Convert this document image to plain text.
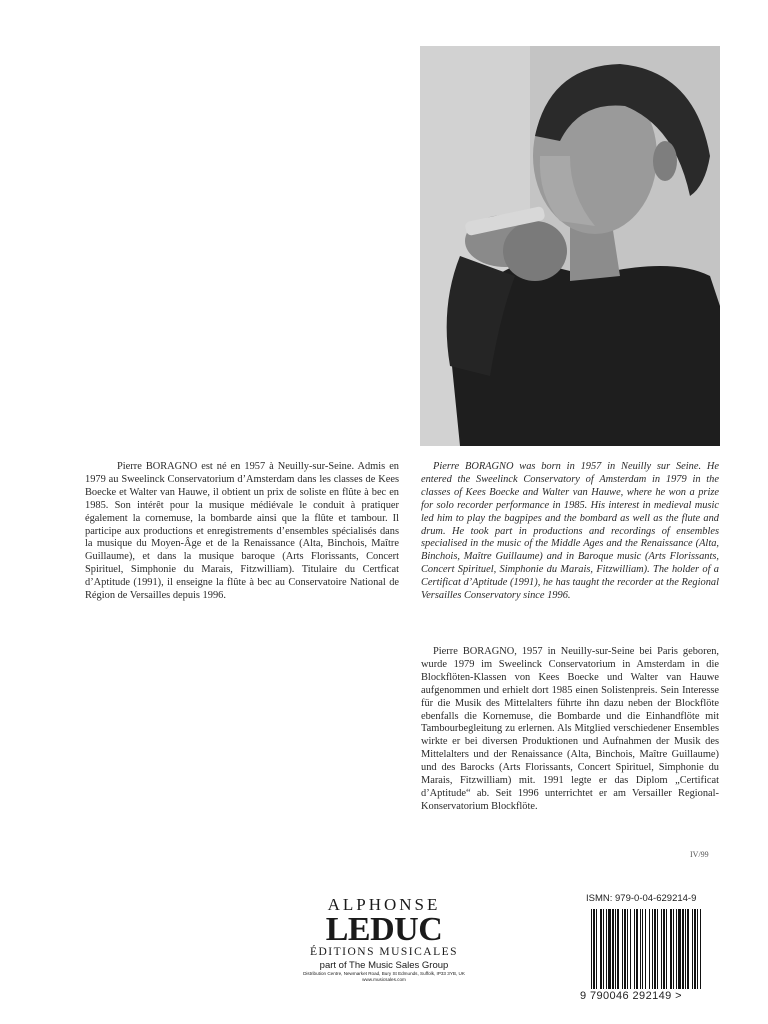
Pierre BORAGNO est né en 1957 à Neuilly-sur-Seine. Admis en 1979 au Sweelinck Conservatorium d’Amsterdam dans les classes de Kees Boecke et Walter van Hauwe, il obtient un prix de soliste en flûte à bec en 1985. Son intérêt pour la musique médiévale le conduit à pratiquer également la cornemuse, la bombarde ainsi que la flûte et tambour. Il participe aux productions et enregistrements d’ensembles spécialisés dans la musique du Moyen-Âge et de la Renaissance (Alta, Binchois, Maître Guillaume), et dans la musique baroque (Arts Florissants, Concert Spirituel, Simphonie du Marais, Fitzwilliam). Titulaire du Certficat d’Aptitude (1991), il enseigne la flûte à bec au Conservatoire National de Région de Versailles depuis 1996.
Pierre BORAGNO was born in 1957 in Neuilly sur Seine. He entered the Sweelinck Conservatory of Amsterdam in 1979 in the classes of Kees Boecke and Walter van Hauwe, where he won a prize for solo recorder performance in 1985. His interest in medieval music led him to play the bagpipes and the bombard as well as the flute and drum. He took part in productions and recordings of ensembles specialised in the music of the Middle Ages and the Renaissance (Alta, Binchois, Maître Guillaume) and in Baroque music (Arts Florissants, Concert Spirituel, Simphonie du Marais, Fitzwilliam). The holder of a Certificat d’Aptitude (1991), he has taught the recorder at the Regional Versailles Conservatory since 1996.
Pierre BORAGNO, 1957 in Neuilly-sur-Seine bei Paris geboren, wurde 1979 im Sweelinck Conservatorium in Amsterdam in die Blockflöten-Klassen von Kees Boecke und Walter van Hauwe aufgenommen und erhielt dort 1985 einen Solistenpreis. Sein Interesse für die Musik des Mittelalters führte ihn dazu neben der Blockflöte ebenfalls die Kornemuse, die Bombarde und die Einhandflöte mit Tambourbegleitung zu erlernen. Als Mitglied verschiedener Ensembles wirkte er bei diversen Produktionen und Aufnahmen der Musik des Mittelalters und der Renaissance (Alta, Binchois, Maître Guillaume) und des Barocks (Arts Florissants, Concert Spirituel, Simphonie du Marais, Fitzwilliam) mit. 1991 legte er das Diplom „Certificat d’Aptitude“ ab. Seit 1996 unterrichtet er am Versailler Regional-Konservatorium Blockflöte.
IV/99
ALPHONSE
LEDUC
ÉDITIONS MUSICALES
part of The Music Sales Group
Distribution Centre, Newmarket Road, Bury St Edmunds, Suffolk, IP33 3YB, UK
www.musicsales.com
ISMN: 979-0-04-629214-9
9 790046 292149 >
